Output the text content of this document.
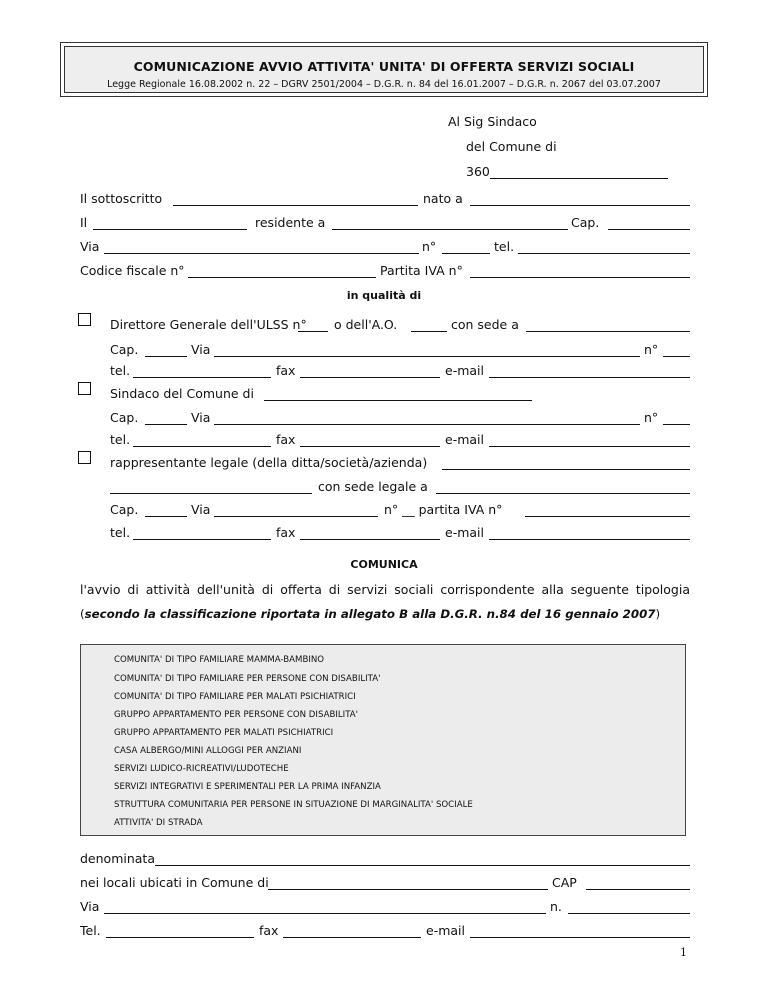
COMUNICAZIONE AVVIO ATTIVITA' UNITA' DI OFFERTA SERVIZI SOCIALI
Legge Regionale 16.08.2002 n. 22 – DGRV 2501/2004 – D.G.R. n. 84 del 16.01.2007 – D.G.R. n. 2067 del 03.07.2007
Al Sig Sindaco
del Comune di
360
Il sottoscritto	nato a
Il	residente a	Cap.
Via	n°	tel.
Codice fiscale n°	Partita IVA n°
in qualità di
Direttore Generale dell'ULSS n° o dell'A.O.	con sede a
Cap.	Via	n°
tel.	fax	e-mail
Sindaco del Comune di
Cap.	Via	n°
tel.	fax	e-mail
rappresentante legale (della ditta/società/azienda)
con sede legale a
Cap.	Via	n° __ partita IVA n°
tel.	fax	e-mail
COMUNICA
l'avvio di attività dell'unità di offerta di servizi sociali corrispondente alla seguente tipologia
(secondo la classificazione riportata in allegato B alla D.G.R. n.84 del 16 gennaio 2007)
COMUNITA' DI TIPO FAMILIARE MAMMA-BAMBINO
COMUNITA' DI TIPO FAMILIARE PER PERSONE CON DISABILITA'
COMUNITA' DI TIPO FAMILIARE PER MALATI PSICHIATRICI
GRUPPO APPARTAMENTO PER PERSONE CON DISABILITA'
GRUPPO APPARTAMENTO PER MALATI PSICHIATRICI
CASA ALBERGO/MINI ALLOGGI PER ANZIANI
SERVIZI LUDICO-RICREATIVI/LUDOTECHE
SERVIZI INTEGRATIVI E SPERIMENTALI PER LA PRIMA INFANZIA
STRUTTURA COMUNITARIA PER PERSONE IN SITUAZIONE DI MARGINALITA' SOCIALE
ATTIVITA' DI STRADA
denominata
nei locali ubicati in Comune di	CAP
Via	n.
Tel.	fax	e-mail
1
